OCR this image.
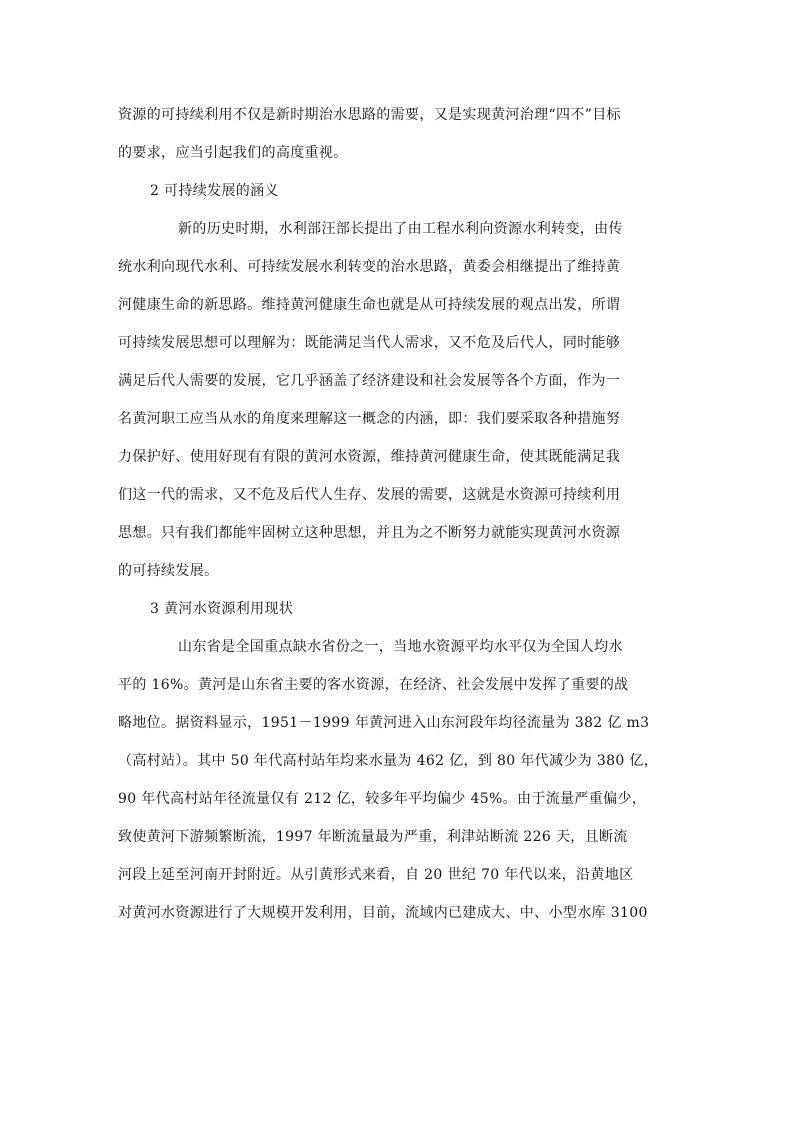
资源的可持续利用不仅是新时期治水思路的需要，又是实现黄河治理“四不”目标
的要求，应当引起我们的高度重视。
2 可持续发展的涵义
新的历史时期，水利部汪部长提出了由工程水利向资源水利转变，由传
统水利向现代水利、可持续发展水利转变的治水思路，黄委会相继提出了维持黄
河健康生命的新思路。维持黄河健康生命也就是从可持续发展的观点出发，所谓
可持续发展思想可以理解为：既能满足当代人需求，又不危及后代人，同时能够
满足后代人需要的发展，它几乎涵盖了经济建设和社会发展等各个方面，作为一
名黄河职工应当从水的角度来理解这一概念的内涵，即：我们要采取各种措施努
力保护好、使用好现有有限的黄河水资源，维持黄河健康生命，使其既能满足我
们这一代的需求，又不危及后代人生存、发展的需要，这就是水资源可持续利用
思想。只有我们都能牢固树立这种思想，并且为之不断努力就能实现黄河水资源
的可持续发展。
3 黄河水资源利用现状
山东省是全国重点缺水省份之一，当地水资源平均水平仅为全国人均水
平的 16%。黄河是山东省主要的客水资源，在经济、社会发展中发挥了重要的战
略地位。据资料显示，1951－1999 年黄河进入山东河段年均径流量为 382 亿 m3
（高村站）。其中 50 年代高村站年均来水量为 462 亿，到 80 年代减少为 380 亿，
90 年代高村站年径流量仅有 212 亿，较多年平均偏少 45%。由于流量严重偏少，
致使黄河下游频繁断流，1997 年断流量最为严重，利津站断流 226 天，且断流
河段上延至河南开封附近。从引黄形式来看，自 20 世纪 70 年代以来，沿黄地区
对黄河水资源进行了大规模开发利用，目前，流域内已建成大、中、小型水库 3100
